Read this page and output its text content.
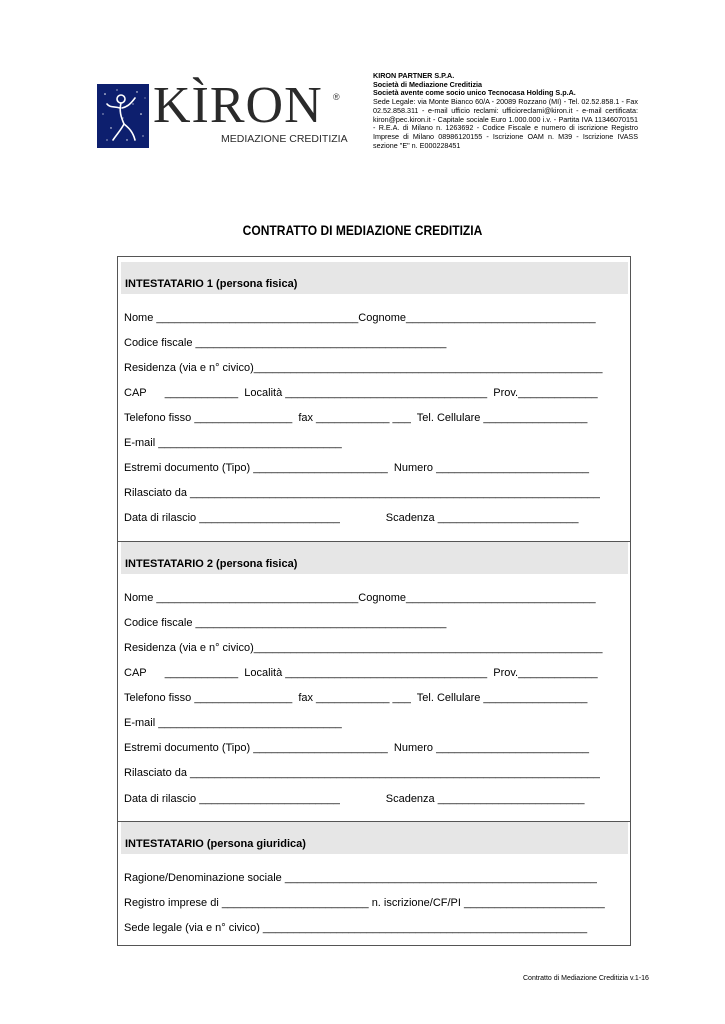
KÌRON ®
MEDIAZIONE CREDITIZIA
KIRON PARTNER S.P.A.
Società di Mediazione Creditizia
Società avente come socio unico Tecnocasa Holding S.p.A.
Sede Legale: via Monte Bianco 60/A - 20089 Rozzano (MI) - Tel. 02.52.858.1 - Fax 02.52.858.311 - e-mail ufficio reclami: ufficioreclami@kiron.it - e-mail certificata: kiron@pec.kiron.it - Capitale sociale Euro 1.000.000 i.v. - Partita IVA 11346070151 - R.E.A. di Milano n. 1263692 - Codice Fiscale e numero di iscrizione Registro Imprese di Milano 08986120155 - Iscrizione OAM n. M39 - Iscrizione IVASS sezione "E" n. E000228451
CONTRATTO DI MEDIAZIONE CREDITIZIA
INTESTATARIO 1 (persona fisica)
Nome _________________________________Cognome_______________________________
Codice fiscale _________________________________________
Residenza (via e n° civico)_________________________________________________________
CAP      ____________  Località _________________________________  Prov._____________
Telefono fisso ________________  fax ____________ ___  Tel. Cellulare _________________
E-mail ______________________________
Estremi documento (Tipo) ______________________  Numero _________________________
Rilasciato da ___________________________________________________________________
Data di rilascio _______________________               Scadenza _______________________
INTESTATARIO 2 (persona fisica)
Nome _________________________________Cognome_______________________________
Codice fiscale _________________________________________
Residenza (via e n° civico)_________________________________________________________
CAP      ____________  Località _________________________________  Prov._____________
Telefono fisso ________________  fax ____________ ___  Tel. Cellulare _________________
E-mail ______________________________
Estremi documento (Tipo) ______________________  Numero _________________________
Rilasciato da ___________________________________________________________________
Data di rilascio _______________________               Scadenza ________________________
INTESTATARIO (persona giuridica)
Ragione/Denominazione sociale ___________________________________________________
Registro imprese di ________________________ n. iscrizione/CF/PI _______________________
Sede legale (via e n° civico) _____________________________________________________
Contratto di Mediazione Creditizia v.1-16
